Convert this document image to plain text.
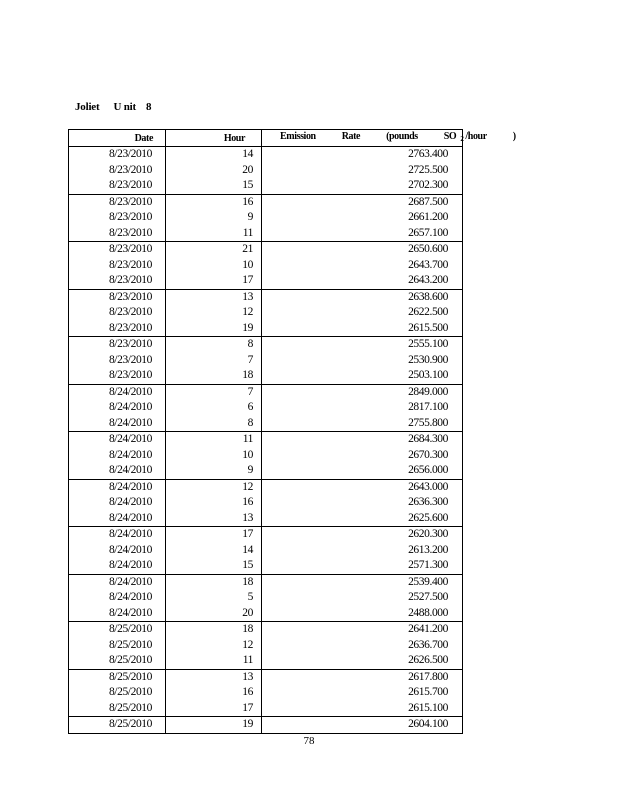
Joliet U nit 8
Date	Hour	Emission Rate (pounds SO $_2$ /hour )
8/23/2010	14	2763.400
8/23/2010	20	2725.500
8/23/2010	15	2702.300
8/23/2010	16	2687.500
8/23/2010	9	2661.200
8/23/2010	11	2657.100
8/23/2010	21	2650.600
8/23/2010	10	2643.700
8/23/2010	17	2643.200
8/23/2010	13	2638.600
8/23/2010	12	2622.500
8/23/2010	19	2615.500
8/23/2010	8	2555.100
8/23/2010	7	2530.900
8/23/2010	18	2503.100
8/24/2010	7	2849.000
8/24/2010	6	2817.100
8/24/2010	8	2755.800
8/24/2010	11	2684.300
8/24/2010	10	2670.300
8/24/2010	9	2656.000
8/24/2010	12	2643.000
8/24/2010	16	2636.300
8/24/2010	13	2625.600
8/24/2010	17	2620.300
8/24/2010	14	2613.200
8/24/2010	15	2571.300
8/24/2010	18	2539.400
8/24/2010	5	2527.500
8/24/2010	20	2488.000
8/25/2010	18	2641.200
8/25/2010	12	2636.700
8/25/2010	11	2626.500
8/25/2010	13	2617.800
8/25/2010	16	2615.700
8/25/2010	17	2615.100
8/25/2010	19	2604.100
78
